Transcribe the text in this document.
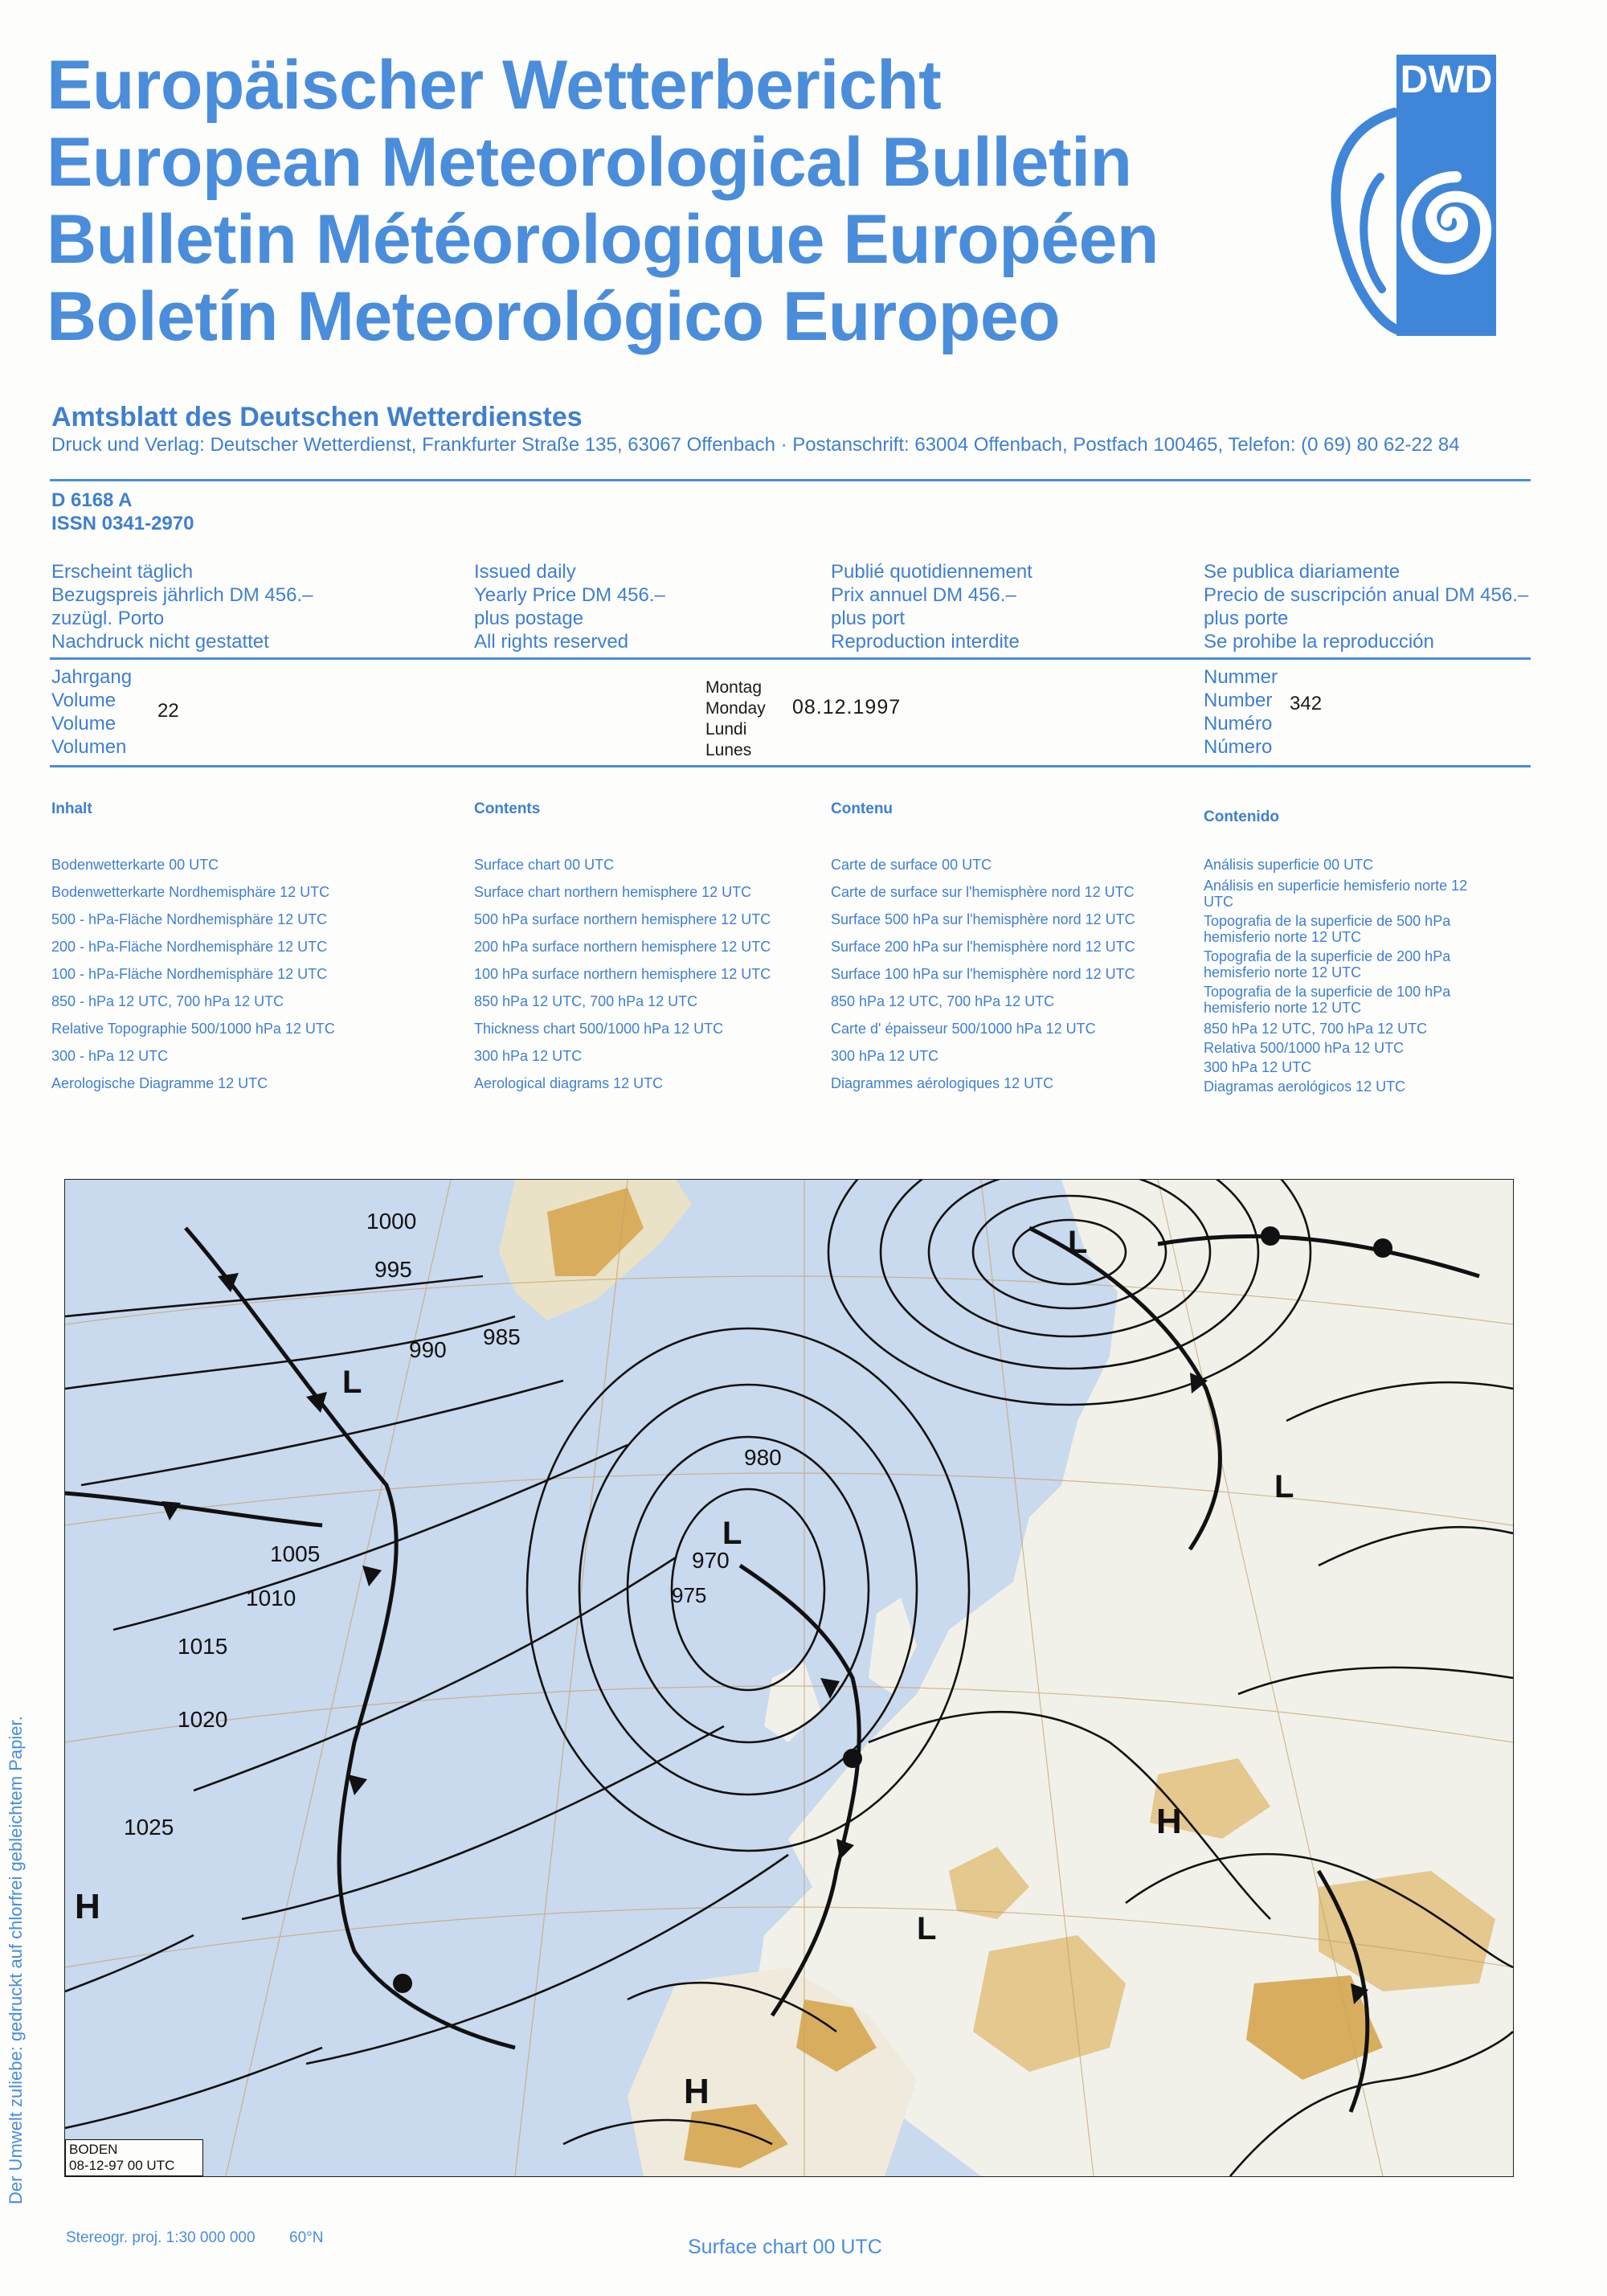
Europäischer Wetterbericht
European Meteorological Bulletin
Bulletin Météorologique Européen
Boletín Meteorológico Europeo
DWD
Amtsblatt des Deutschen Wetterdienstes
Druck und Verlag: Deutscher Wetterdienst, Frankfurter Straße 135, 63067 Offenbach · Postanschrift: 63004 Offenbach, Postfach 100465, Telefon: (0 69) 80 62-22 84
D 6168 A
ISSN 0341-2970
Erscheint täglich
Bezugspreis jährlich DM 456.–
zuzügl. Porto
Nachdruck nicht gestattet
Issued daily
Yearly Price DM 456.–
plus postage
All rights reserved
Publié quotidiennement
Prix annuel DM 456.–
plus port
Reproduction interdite
Se publica diariamente
Precio de suscripción anual DM 456.–
plus porte
Se prohibe la reproducción
Jahrgang
Volume
Volume
Volumen
22
Montag
Monday
Lundi
Lunes
08.12.1997
Nummer
Number
Numéro
Número
342
Inhalt
Bodenwetterkarte 00 UTC
Bodenwetterkarte Nordhemisphäre 12 UTC
500 - hPa-Fläche Nordhemisphäre 12 UTC
200 - hPa-Fläche Nordhemisphäre 12 UTC
100 - hPa-Fläche Nordhemisphäre 12 UTC
850 - hPa 12 UTC, 700 hPa 12 UTC
Relative Topographie 500/1000 hPa 12 UTC
300 - hPa 12 UTC
Aerologische Diagramme 12 UTC
Contents
Surface chart 00 UTC
Surface chart northern hemisphere 12 UTC
500 hPa surface northern hemisphere 12 UTC
200 hPa surface northern hemisphere 12 UTC
100 hPa surface northern hemisphere 12 UTC
850 hPa 12 UTC, 700 hPa 12 UTC
Thickness chart 500/1000 hPa 12 UTC
300 hPa 12 UTC
Aerological diagrams 12 UTC
Contenu
Carte de surface 00 UTC
Carte de surface sur l'hemisphère nord 12 UTC
Surface 500 hPa sur l'hemisphère nord 12 UTC
Surface 200 hPa sur l'hemisphère nord 12 UTC
Surface 100 hPa sur l'hemisphère nord 12 UTC
850 hPa 12 UTC, 700 hPa 12 UTC
Carte d' épaisseur 500/1000 hPa 12 UTC
300 hPa 12 UTC
Diagrammes aérologiques 12 UTC
Contenido
Análisis superficie 00 UTC
Análisis en superficie hemisferio norte 12 UTC
Topografia de la superficie de 500 hPa hemisferio norte 12 UTC
Topografia de la superficie de 200 hPa hemisferio norte 12 UTC
Topografia de la superficie de 100 hPa hemisferio norte 12 UTC
850 hPa 12 UTC, 700 hPa 12 UTC
Relativa 500/1000 hPa 12 UTC
300 hPa 12 UTC
Diagramas aerológicos 12 UTC
Der Umwelt zuliebe: gedruckt auf chlorfrei gebleichtem Papier.
1000
995
990
985
980
975
970
1005
1010
1015
1020
1025
H
H
H
L
L
L
L
L
BODEN
08-12-97 00 UTC
Stereogr. proj. 1:30 000 000 60°N	Surface chart 00 UTC
